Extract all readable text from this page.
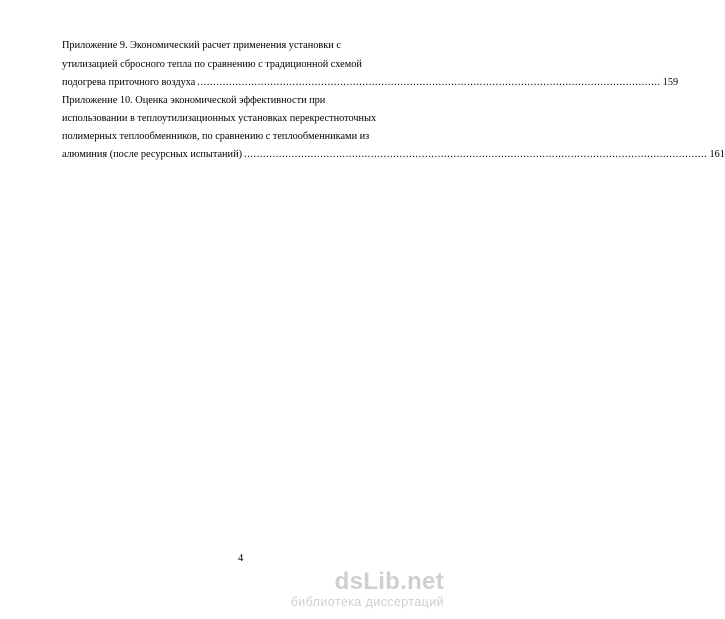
Приложение 9. Экономический расчет применения установки с
утилизацией сбросного тепла по сравнению с традиционной схемой
подогрева приточного воздуха .................................................................................................................................................. 159
Приложение 10. Оценка экономической эффективности при
использовании в теплоутилизационных установках перекрестноточных
полимерных теплообменников, по сравнению с теплообменниками из
алюминия (после ресурсных испытаний) .................................................................................................................................................. 161
4
dsLib.net
библиотека диссертаций
